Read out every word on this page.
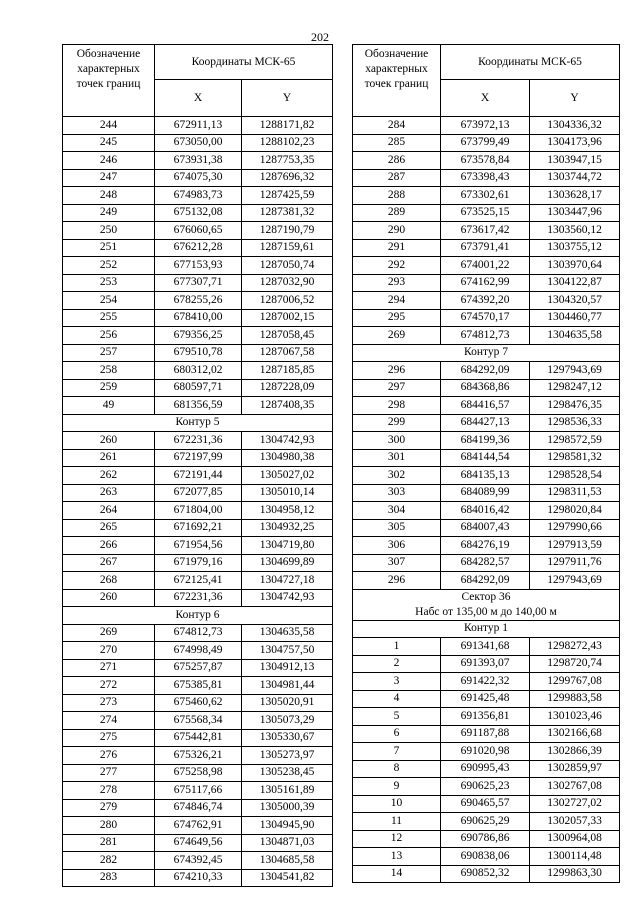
202
Обозначение характерных точек границ	Координаты МСК-65	
	X	Y
244	672911,13	1288171,82
245	673050,00	1288102,23
246	673931,38	1287753,35
247	674075,30	1287696,32
248	674983,73	1287425,59
249	675132,08	1287381,32
250	676060,65	1287190,79
251	676212,28	1287159,61
252	677153,93	1287050,74
253	677307,71	1287032,90
254	678255,26	1287006,52
255	678410,00	1287002,15
256	679356,25	1287058,45
257	679510,78	1287067,58
258	680312,02	1287185,85
259	680597,71	1287228,09
49	681356,59	1287408,35
Контур 5		
260	672231,36	1304742,93
261	672197,99	1304980,38
262	672191,44	1305027,02
263	672077,85	1305010,14
264	671804,00	1304958,12
265	671692,21	1304932,25
266	671954,56	1304719,80
267	671979,16	1304699,89
268	672125,41	1304727,18
260	672231,36	1304742,93
Контур 6		
269	674812,73	1304635,58
270	674998,49	1304757,50
271	675257,87	1304912,13
272	675385,81	1304981,44
273	675460,62	1305020,91
274	675568,34	1305073,29
275	675442,81	1305330,67
276	675326,21	1305273,97
277	675258,98	1305238,45
278	675117,66	1305161,89
279	674846,74	1305000,39
280	674762,91	1304945,90
281	674649,56	1304871,03
282	674392,45	1304685,58
283	674210,33	1304541,82
Обозначение характерных точек границ	Координаты МСК-65	
	X	Y
284	673972,13	1304336,32
285	673799,49	1304173,96
286	673578,84	1303947,15
287	673398,43	1303744,72
288	673302,61	1303628,17
289	673525,15	1303447,96
290	673617,42	1303560,12
291	673791,41	1303755,12
292	674001,22	1303970,64
293	674162,99	1304122,87
294	674392,20	1304320,57
295	674570,17	1304460,77
269	674812,73	1304635,58
Контур 7		
296	684292,09	1297943,69
297	684368,86	1298247,12
298	684416,57	1298476,35
299	684427,13	1298536,33
300	684199,36	1298572,59
301	684144,54	1298581,32
302	684135,13	1298528,54
303	684089,99	1298311,53
304	684016,42	1298020,84
305	684007,43	1297990,66
306	684276,19	1297913,59
307	684282,57	1297911,76
296	684292,09	1297943,69

Сектор 36
Набс от 135,00 м до 140,00 м		

Контур 1		
1	691341,68	1298272,43
2	691393,07	1298720,74
3	691422,32	1299767,08
4	691425,48	1299883,58
5	691356,81	1301023,46
6	691187,88	1302166,68
7	691020,98	1302866,39
8	690995,43	1302859,97
9	690625,23	1302767,08
10	690465,57	1302727,02
11	690625,29	1302057,33
12	690786,86	1300964,08
13	690838,06	1300114,48
14	690852,32	1299863,30
